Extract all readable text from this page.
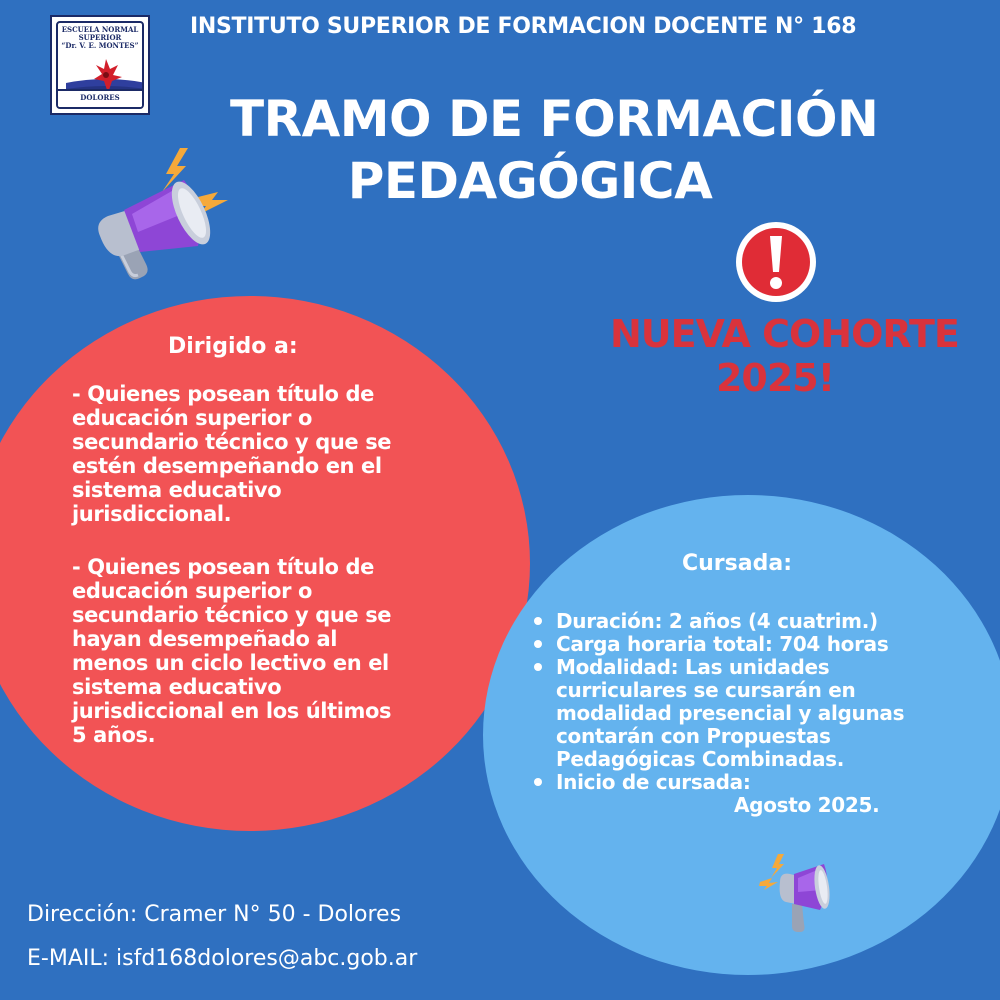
ESCUELA NORMAL
SUPERIOR
“Dr. V. E. MONTES”
DOLORES
INSTITUTO SUPERIOR DE FORMACION DOCENTE N° 168
TRAMO DE FORMACIÓN
PEDAGÓGICA
NUEVA COHORTE
2025!
Dirigido a:
- Quienes posean título de
educación superior o
secundario técnico y que se
estén desempeñando en el
sistema educativo
jurisdiccional.
- Quienes posean título de
educación superior o
secundario técnico y que se
hayan desempeñado al
menos un ciclo lectivo en el
sistema educativo
jurisdiccional en los últimos
5 años.
Cursada:
Duración: 2 años (4 cuatrim.)
Carga horaria total: 704 horas
Modalidad: Las unidades
curriculares se cursarán en
modalidad presencial y algunas
contarán con Propuestas
Pedagógicas Combinadas.
Inicio de cursada:
Agosto 2025.
Dirección: Cramer N° 50 - Dolores
E-MAIL: isfd168dolores@abc.gob.ar
